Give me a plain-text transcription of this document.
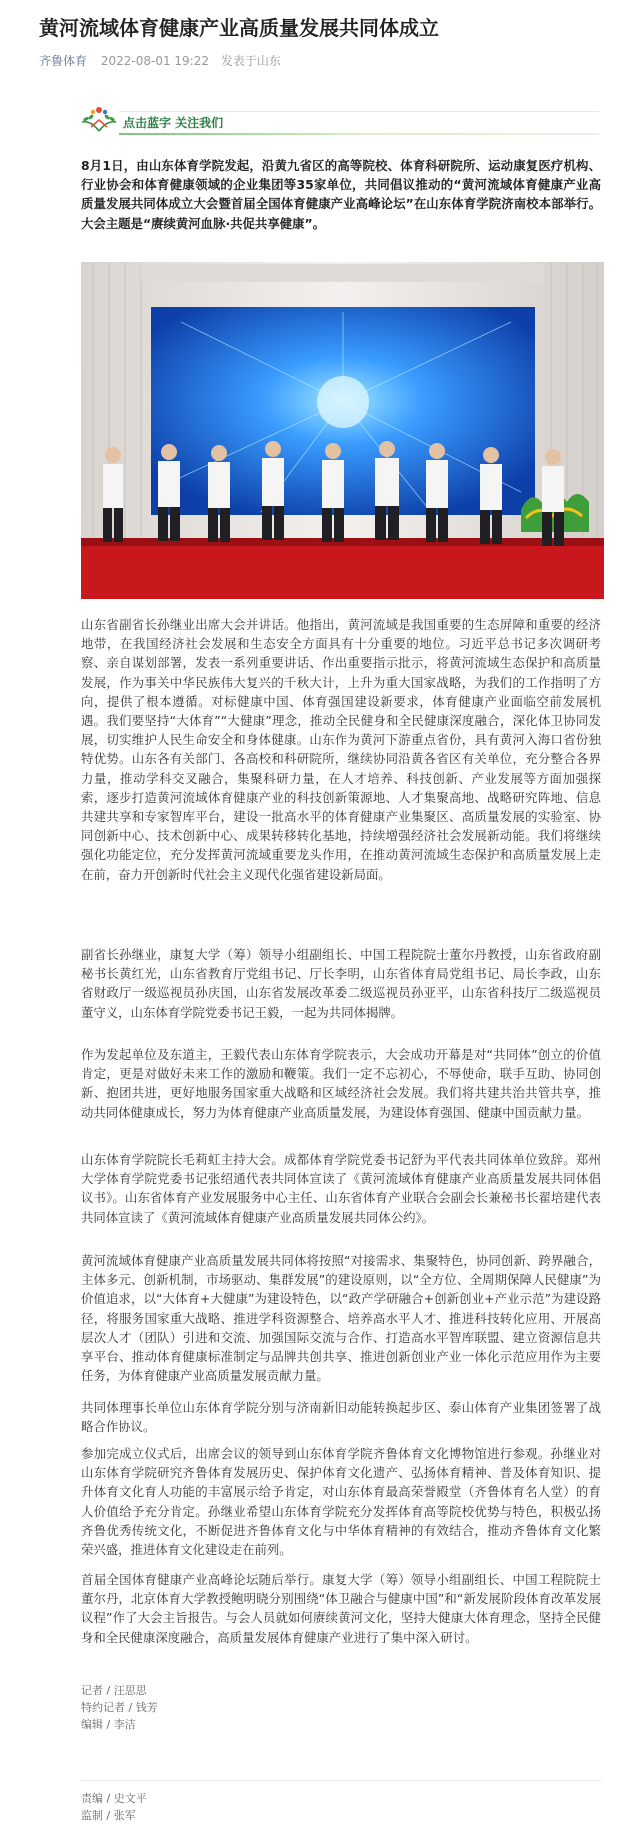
黄河流域体育健康产业高质量发展共同体成立
齐鲁体育 2022-08-01 19:22 发表于山东
点击蓝字 关注我们

8月1日，由山东体育学院发起，沿黄九省区的高等院校、体育科研院所、运动康复医疗机构、行业协会和体育健康领域的企业集团等35家单位，共同倡议推动的“黄河流域体育健康产业高质量发展共同体成立大会暨首届全国体育健康产业高峰论坛”在山东体育学院济南校本部举行。大会主题是“赓续黄河血脉·共促共享健康”。

山东省副省长孙继业出席大会并讲话。他指出，黄河流域是我国重要的生态屏障和重要的经济地带，在我国经济社会发展和生态安全方面具有十分重要的地位。习近平总书记多次调研考察、亲自谋划部署，发表一系列重要讲话、作出重要指示批示，将黄河流域生态保护和高质量发展，作为事关中华民族伟大复兴的千秋大计，上升为重大国家战略，为我们的工作指明了方向，提供了根本遵循。对标健康中国、体育强国建设新要求，体育健康产业面临空前发展机遇。我们要坚持“大体育”“大健康”理念，推动全民健身和全民健康深度融合，深化体卫协同发展，切实维护人民生命安全和身体健康。山东作为黄河下游重点省份，具有黄河入海口省份独特优势。山东各有关部门、各高校和科研院所，继续协同沿黄各省区有关单位，充分整合各界力量，推动学科交叉融合，集聚科研力量，在人才培养、科技创新、产业发展等方面加强探索，逐步打造黄河流域体育健康产业的科技创新策源地、人才集聚高地、战略研究阵地、信息共建共享和专家智库平台，建设一批高水平的体育健康产业集聚区、高质量发展的实验室、协同创新中心、技术创新中心、成果转移转化基地，持续增强经济社会发展新动能。我们将继续强化功能定位，充分发挥黄河流域重要龙头作用，在推动黄河流域生态保护和高质量发展上走在前，奋力开创新时代社会主义现代化强省建设新局面。

副省长孙继业，康复大学（筹）领导小组副组长、中国工程院院士董尔丹教授，山东省政府副秘书长黄红光，山东省教育厅党组书记、厅长李明，山东省体育局党组书记、局长李政，山东省财政厅一级巡视员孙庆国，山东省发展改革委二级巡视员孙亚平，山东省科技厅二级巡视员董守义，山东体育学院党委书记王毅，一起为共同体揭牌。

作为发起单位及东道主，王毅代表山东体育学院表示，大会成功开幕是对“共同体”创立的价值肯定，更是对做好未来工作的激励和鞭策。我们一定不忘初心，不辱使命，联手互助、协同创新、抱团共进，更好地服务国家重大战略和区域经济社会发展。我们将共建共治共管共享，推动共同体健康成长，努力为体育健康产业高质量发展，为建设体育强国、健康中国贡献力量。

山东体育学院院长毛莉虹主持大会。成都体育学院党委书记舒为平代表共同体单位致辞。郑州大学体育学院党委书记张绍通代表共同体宣读了《黄河流域体育健康产业高质量发展共同体倡议书》。山东省体育产业发展服务中心主任、山东省体育产业联合会副会长兼秘书长翟培建代表共同体宣读了《黄河流域体育健康产业高质量发展共同体公约》。

黄河流域体育健康产业高质量发展共同体将按照“对接需求、集聚特色，协同创新、跨界融合，主体多元、创新机制，市场驱动、集群发展”的建设原则，以“全方位、全周期保障人民健康”为价值追求，以“大体育+大健康”为建设特色，以“政产学研融合+创新创业+产业示范”为建设路径，将服务国家重大战略、推进学科资源整合、培养高水平人才、推进科技转化应用、开展高层次人才（团队）引进和交流、加强国际交流与合作、打造高水平智库联盟、建立资源信息共享平台、推动体育健康标准制定与品牌共创共享、推进创新创业产业一体化示范应用作为主要任务，为体育健康产业高质量发展贡献力量。

共同体理事长单位山东体育学院分别与济南新旧动能转换起步区、泰山体育产业集团签署了战略合作协议。

参加完成立仪式后，出席会议的领导到山东体育学院齐鲁体育文化博物馆进行参观。孙继业对山东体育学院研究齐鲁体育发展历史、保护体育文化遗产、弘扬体育精神、普及体育知识、提升体育文化育人功能的丰富展示给予肯定，对山东体育最高荣誉殿堂（齐鲁体育名人堂）的育人价值给予充分肯定。孙继业希望山东体育学院充分发挥体育高等院校优势与特色，积极弘扬齐鲁优秀传统文化，不断促进齐鲁体育文化与中华体育精神的有效结合，推动齐鲁体育文化繁荣兴盛，推进体育文化建设走在前列。

首届全国体育健康产业高峰论坛随后举行。康复大学（筹）领导小组副组长、中国工程院院士董尔丹，北京体育大学教授鲍明晓分别围绕“体卫融合与健康中国”和“新发展阶段体育改革发展议程”作了大会主旨报告。与会人员就如何赓续黄河文化，坚持大健康大体育理念，坚持全民健身和全民健康深度融合，高质量发展体育健康产业进行了集中深入研讨。

记者 / 汪思思
特约记者 / 钱芳
编辑 / 李洁
责编 / 史文平
监制 / 张军
